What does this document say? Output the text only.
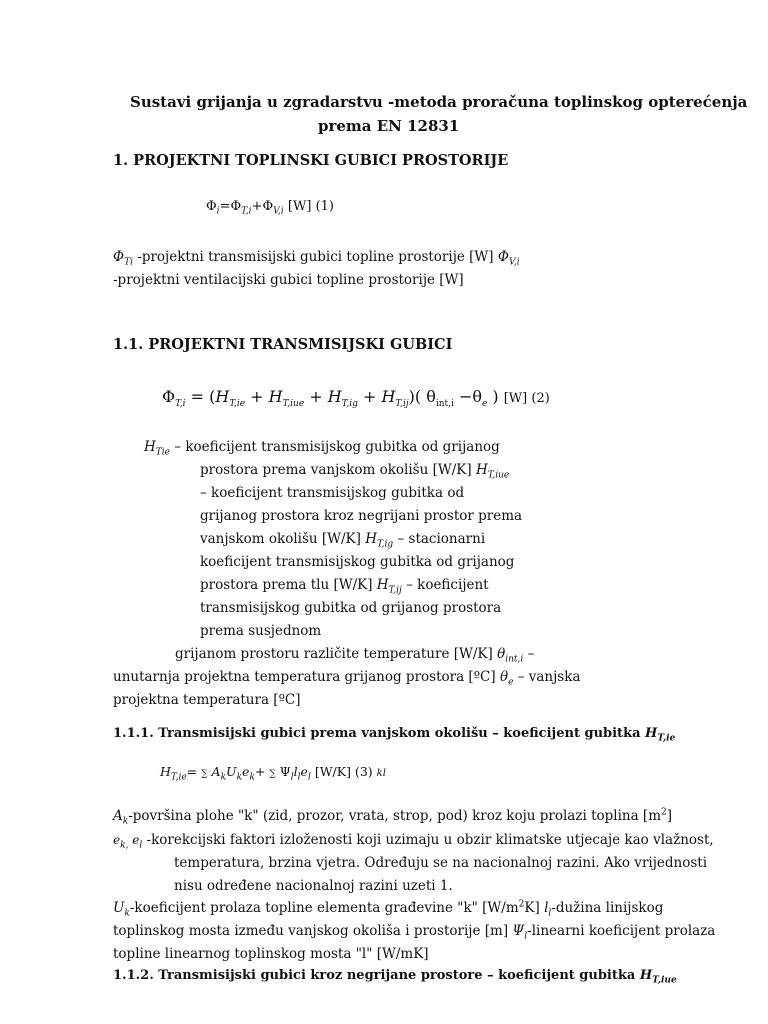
Sustavi grijanja u zgradarstvu -metoda proračuna toplinskog opterećenja
prema EN 12831
1. PROJEKTNI TOPLINSKI GUBICI PROSTORIJE
$\Phi_i=\Phi_{T,i}+\Phi_{V,i}$ [W] (1)
$\Phi_{Ti}$ -projektni transmisijski gubici topline prostorije [W] $\Phi_{V,i}$
-projektni ventilacijski gubici topline prostorije [W]
1.1. PROJEKTNI TRANSMISIJSKI GUBICI
$\Phi_{T,i} = (H_{T,ie} + H_{T,iue} + H_{T,ig} + H_{T,ij})$( $\theta_{int,i} -\theta_e$ ) [W] (2)
$H_{Tie}$ – koeficijent transmisijskog gubitka od grijanog
prostora prema vanjskom okolišu [W/K] $H_{T,iue}$
– koeficijent transmisijskog gubitka od
grijanog prostora kroz negrijani prostor prema
vanjskom okolišu [W/K] $H_{T,ig}$ – stacionarni
koeficijent transmisijskog gubitka od grijanog
prostora prema tlu [W/K] $H_{T,ij}$ – koeficijent
transmisijskog gubitka od grijanog prostora
prema susjednom
grijanom prostoru različite temperature [W/K] $\theta_{int,i}$ –
unutarnja projektna temperatura grijanog prostora [ºC] $\theta_e$ – vanjska
projektna temperatura [ºC]
1.1.1. Transmisijski gubici prema vanjskom okolišu – koeficijent gubitka $H_{T,ie}$
$H_{T,ie}=$ ∑ $A_kU_ke_k+$ ∑ $\Psi_ll_le_l$ [W/K] (3) kl
$A_k$-površina plohe "k" (zid, prozor, vrata, strop, pod) kroz koju prolazi toplina $[m^2]$
$e_{k,}$ $e_l$ -korekcijski faktori izloženosti koji uzimaju u obzir klimatske utjecaje kao vlažnost,
temperatura, brzina vjetra. Određuju se na nacionalnoj razini. Ako vrijednosti
nisu određene nacionalnoj razini uzeti 1.
$U_k$-koeficijent prolaza topline elementa građevine "k" $[W/m^2K]$ $l_l$-dužina linijskog
toplinskog mosta između vanjskog okoliša i prostorije [m] $\Psi_l$-linearni koeficijent prolaza
topline linearnog toplinskog mosta "l" [W/mK]
1.1.2. Transmisijski gubici kroz negrijane prostore – koeficijent gubitka $H_{T,iue}$
